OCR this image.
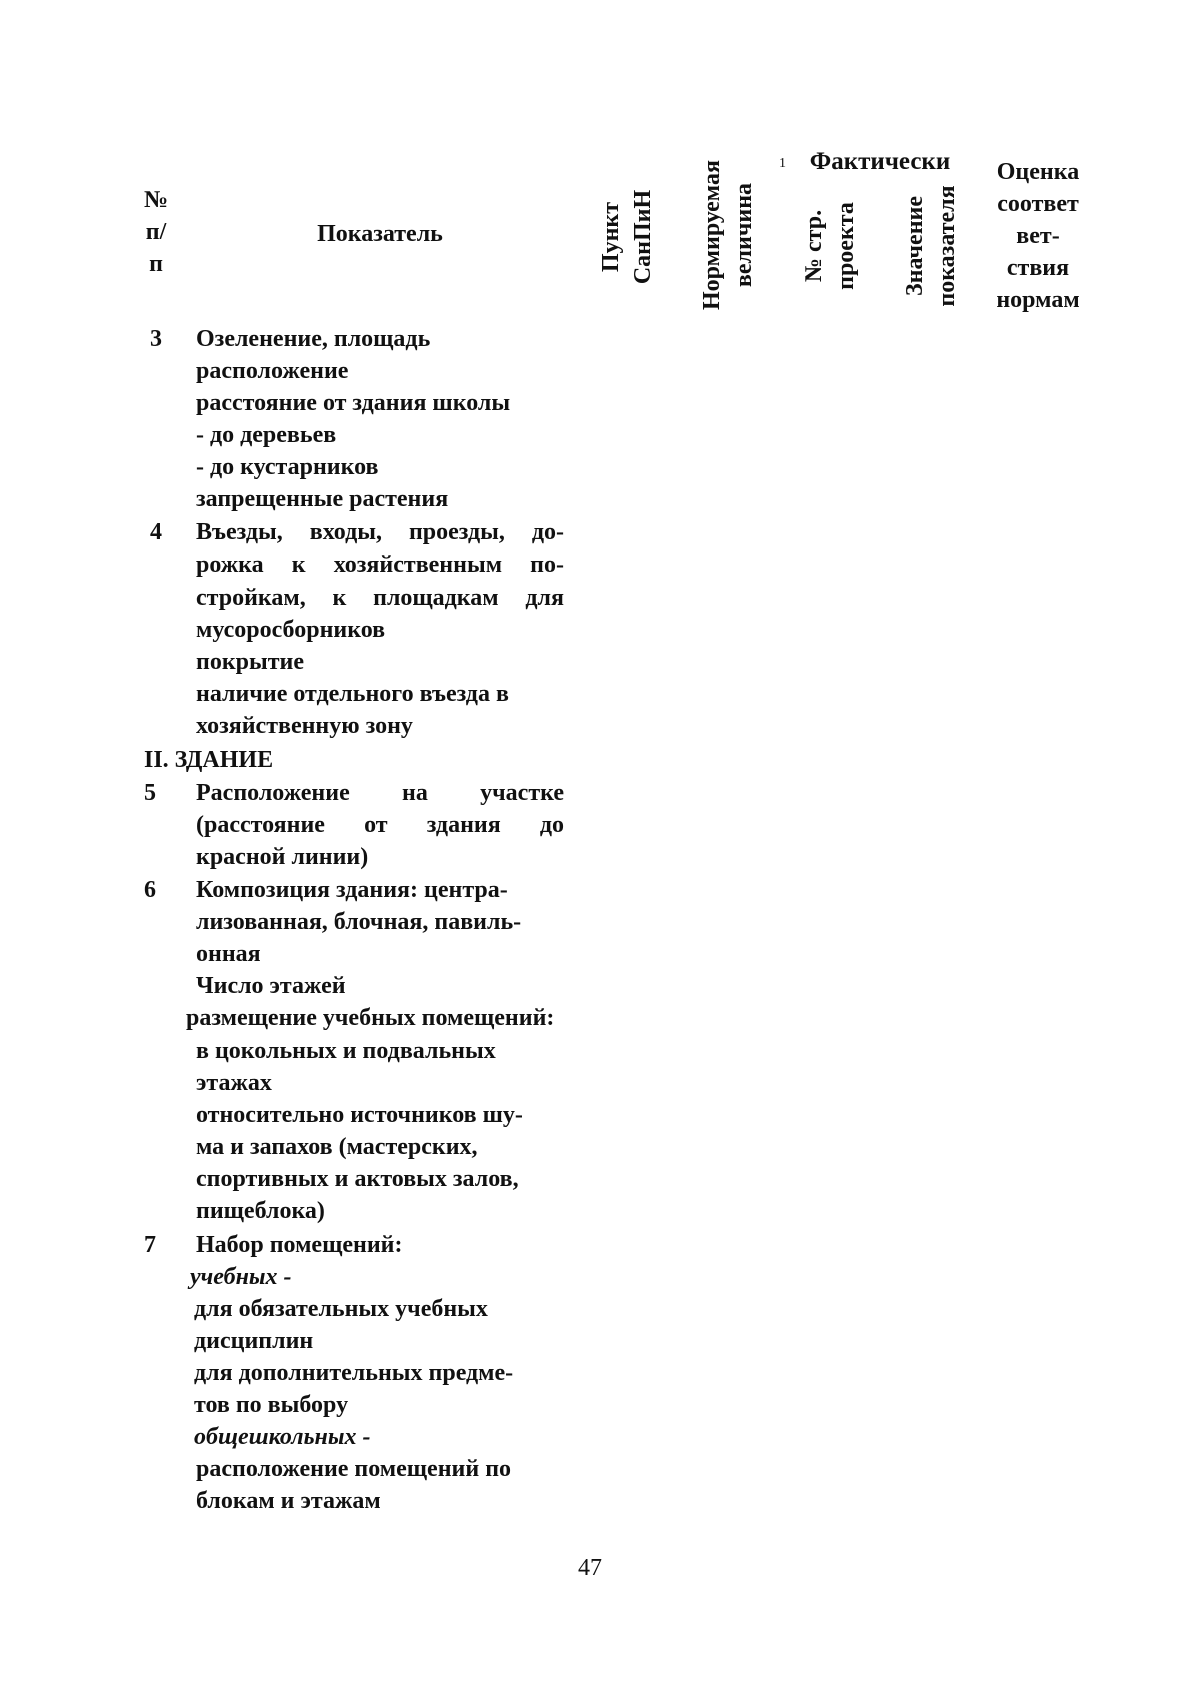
№
п/
п
Показатель	Пункт СанПиН Нормируемая величина
1 Фактически
№ стр. проекта Значение показателя
Оценка
соответ
вет-
ствия
нормам
3 Озеленение, площадь
расположение
расстояние от здания школы
- до деревьев
- до кустарников
запрещенные растения
4 Въезды, входы, проезды, до-
рожка к хозяйственным по-
стройкам, к площадкам для
мусоросборников
покрытие
наличие отдельного въезда в
хозяйственную зону
II. ЗДАНИЕ
5 Расположение на участке
(расстояние от здания до
красной линии)
6 Композиция здания: центра-
лизованная, блочная, павиль-
онная
Число этажей
размещение учебных помещений:
в цокольных и подвальных
этажах
относительно источников шу-
ма и запахов (мастерских,
спортивных и актовых залов,
пищеблока)
7 Набор помещений:
учебных -
для обязательных учебных
дисциплин
для дополнительных предме-
тов по выбору
общешкольных -
расположение помещений по
блокам и этажам
47
